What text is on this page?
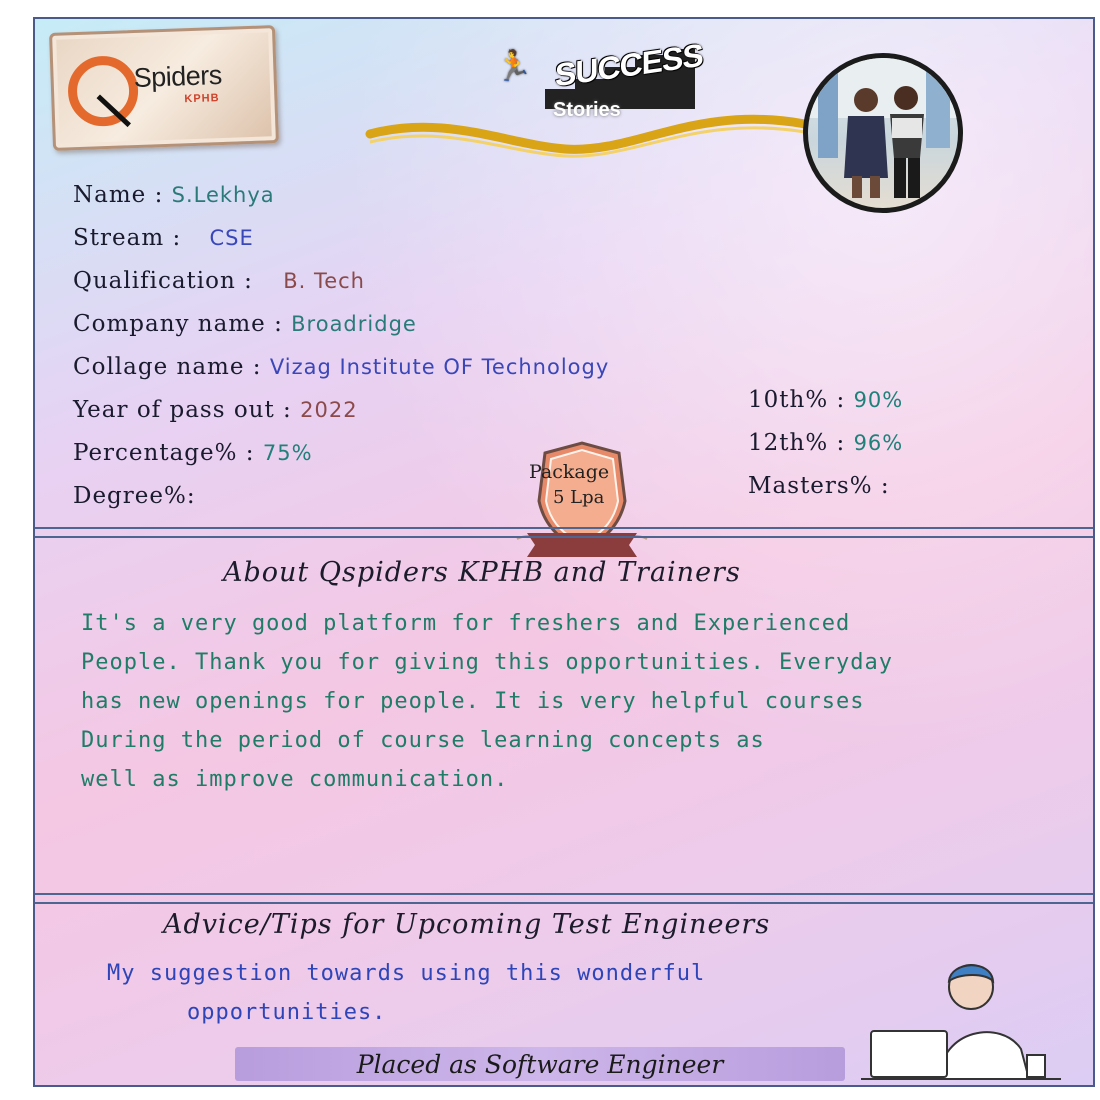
Spiders
KPHB
🏃 SUCCESS
Stories
Name : S.Lekhya
Stream : CSE
Qualification : B. Tech
Company name : Broadridge
Collage name : Vizag Institute OF Technology
Year of pass out : 2022
Percentage% : 75%
Degree%:
10th% : 90%
12th% : 96%
Masters% :
Package
5 Lpa
About Qspiders KPHB and Trainers
It's a very good platform for freshers and Experienced
People. Thank you for giving this opportunities. Everyday
has new openings for people. It is very helpful courses
During the period of course learning concepts as
well as improve communication.
Advice/Tips for Upcoming Test Engineers
My suggestion towards using this wonderful
opportunities.
Placed as Software Engineer
